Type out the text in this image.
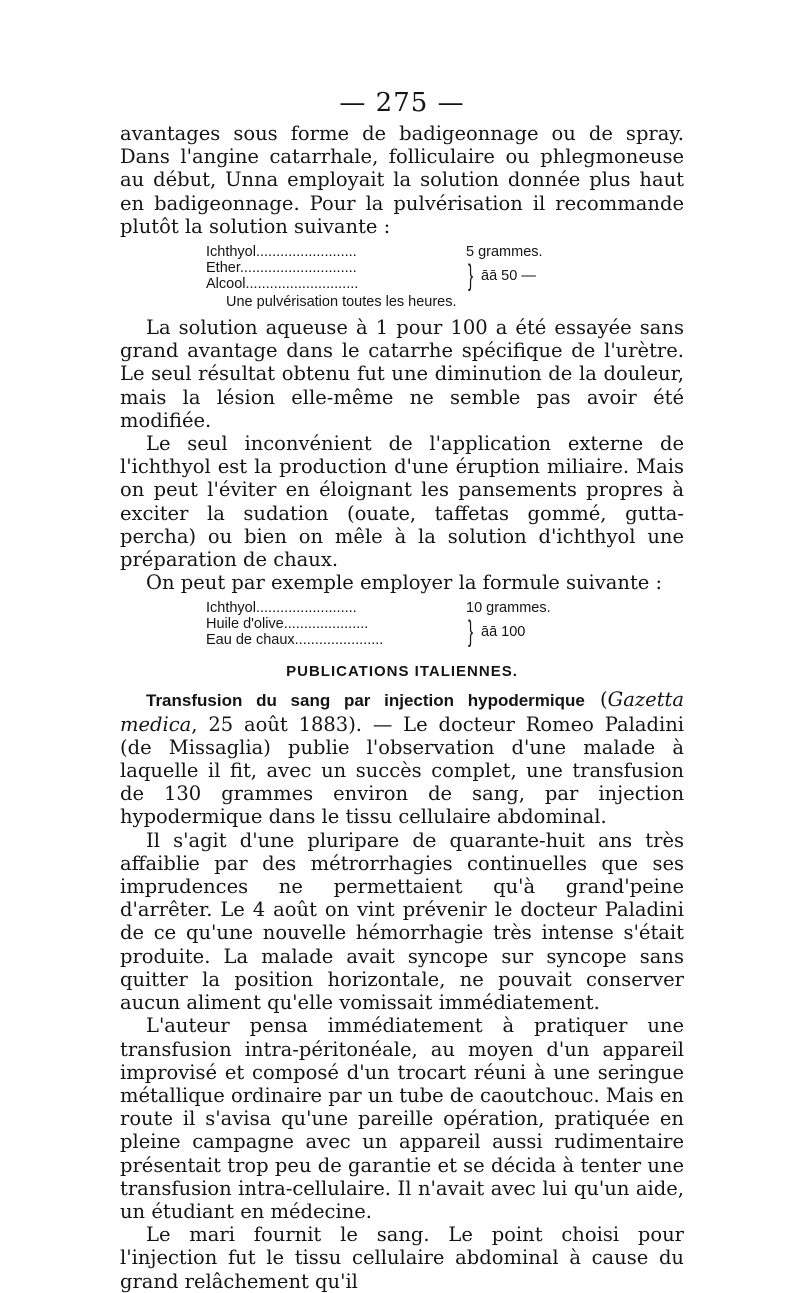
— 275 —

avantages sous forme de badigeonnage ou de spray. Dans l'angine catarrhale, folliculaire ou phlegmoneuse au début, Unna employait la solution donnée plus haut en badigeonnage. Pour la pulvérisation il recommande plutôt la solution suivante :

Ichthyol.........................	5 grammes.
Ether.............................
Alcool............................	} āā 50 —
Une pulvérisation toutes les heures.

La solution aqueuse à 1 pour 100 a été essayée sans grand avantage dans le catarrhe spécifique de l'urètre. Le seul résultat obtenu fut une diminution de la douleur, mais la lésion elle-même ne semble pas avoir été modifiée.

Le seul inconvénient de l'application externe de l'ichthyol est la production d'une éruption miliaire. Mais on peut l'éviter en éloignant les pansements propres à exciter la sudation (ouate, taffetas gommé, gutta-percha) ou bien on mêle à la solution d'ichthyol une préparation de chaux.

On peut par exemple employer la formule suivante :

Ichthyol.........................	10 grammes.
Huile d'olive.....................
Eau de chaux......................	} āā 100
PUBLICATIONS ITALIENNES.

Transfusion du sang par injection hypodermique (Gazetta medica, 25 août 1883). — Le docteur Romeo Paladini (de Missaglia) publie l'observation d'une malade à laquelle il fit, avec un succès complet, une transfusion de 130 grammes environ de sang, par injection hypodermique dans le tissu cellulaire abdominal.

Il s'agit d'une pluripare de quarante-huit ans très affaiblie par des métrorrhagies continuelles que ses imprudences ne permettaient qu'à grand'peine d'arrêter. Le 4 août on vint prévenir le docteur Paladini de ce qu'une nouvelle hémorrhagie très intense s'était produite. La malade avait syncope sur syncope sans quitter la position horizontale, ne pouvait conserver aucun aliment qu'elle vomissait immédiatement.

L'auteur pensa immédiatement à pratiquer une transfusion intra-péritonéale, au moyen d'un appareil improvisé et composé d'un trocart réuni à une seringue métallique ordinaire par un tube de caoutchouc. Mais en route il s'avisa qu'une pareille opération, pratiquée en pleine campagne avec un appareil aussi rudimentaire présentait trop peu de garantie et se décida à tenter une transfusion intra-cellulaire. Il n'avait avec lui qu'un aide, un étudiant en médecine.

Le mari fournit le sang. Le point choisi pour l'injection fut le tissu cellulaire abdominal à cause du grand relâchement qu'il
